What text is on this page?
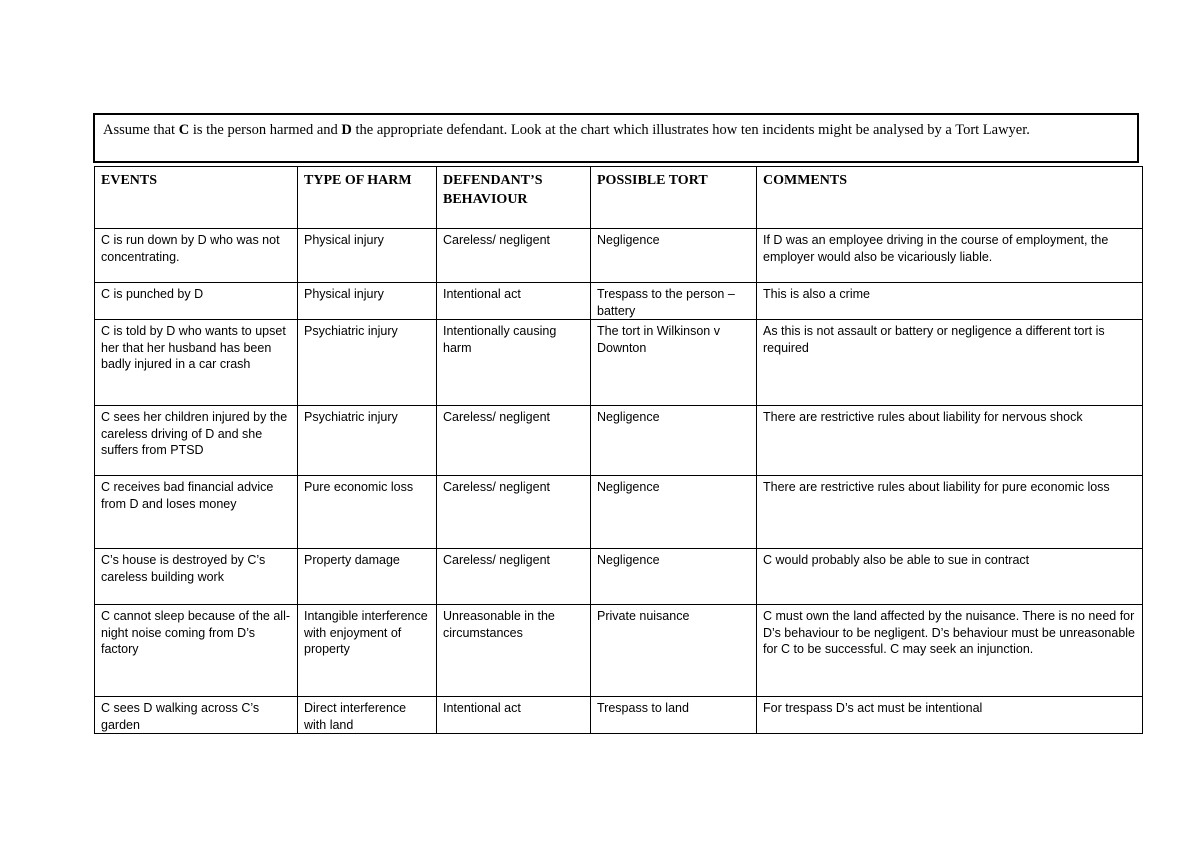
Assume that C is the person harmed and D the appropriate defendant. Look at the chart which illustrates how ten incidents might be analysed by a Tort Lawyer.
EVENTS	TYPE OF HARM	DEFENDANT’S BEHAVIOUR	POSSIBLE TORT	COMMENTS
C is run down by D who was not concentrating.	Physical injury	Careless/ negligent	Negligence	If D was an employee driving in the course of employment, the employer would also be vicariously liable.
C is punched by D	Physical injury	Intentional act	Trespass to the person – battery	This is also a crime
C is told by D who wants to upset her that her husband has been badly injured in a car crash	Psychiatric injury	Intentionally causing harm	The tort in Wilkinson v Downton	As this is not assault or battery or negligence a different tort is required
C sees her children injured by the careless driving of D and she suffers from PTSD	Psychiatric injury	Careless/ negligent	Negligence	There are restrictive rules about liability for nervous shock
C receives bad financial advice from D and loses money	Pure economic loss	Careless/ negligent	Negligence	There are restrictive rules about liability for pure economic loss
C’s house is destroyed by C’s careless building work	Property damage	Careless/ negligent	Negligence	C would probably also be able to sue in contract
C cannot sleep because of the all-night noise coming from D’s factory	Intangible interference with enjoyment of property	Unreasonable in the circumstances	Private nuisance	C must own the land affected by the nuisance. There is no need for D’s behaviour to be negligent. D’s behaviour must be unreasonable for C to be successful. C may seek an injunction.
C sees D walking across C’s garden	Direct interference with land	Intentional act	Trespass to land	For trespass D’s act must be intentional
